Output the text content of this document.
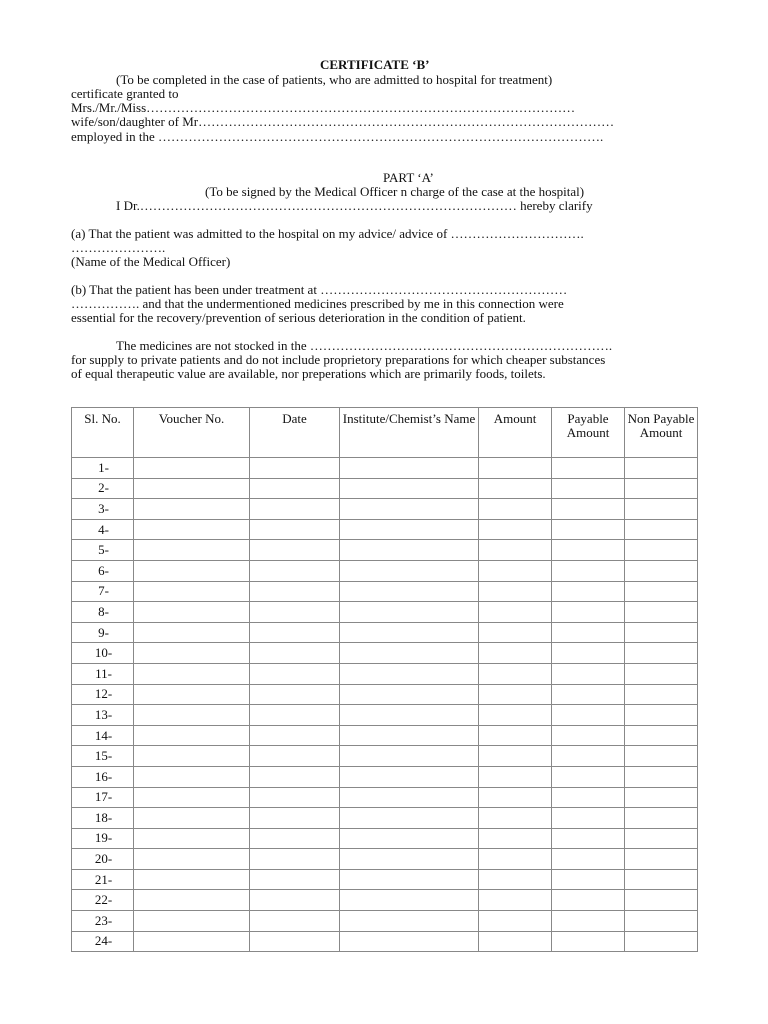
CERTIFICATE ‘B’
(To be completed in the case of patients, who are admitted to hospital for treatment)
certificate granted to
Mrs./Mr./Miss………………………………………………………………………………………
wife/son/daughter of Mr……………………………………………………………………………………
employed in the ………………………………………………………………………………………….
PART ‘A’
(To be signed by the Medical Officer n charge of the case at the hospital)
I Dr.…………………………………………………………………………… hereby clarify
(a) That the patient was admitted to the hospital on my advice/ advice of ………………………….
………………….
(Name of the Medical Officer)
(b) That the patient has been under treatment at …………………………………………………
……………. and that the undermentioned medicines prescribed by me in this connection were
essential for the recovery/prevention of serious deterioration in the condition of patient.
The medicines are not stocked in the …………………………………………………………….
for supply to private patients and do not include proprietory preparations for which cheaper substances
of equal therapeutic value are available, nor preperations which are primarily foods, toilets.
Sl. No.	Voucher No.	Date	Institute/Chemist’s Name	Amount	Payable Amount	Non Payable Amount
1-						
2-						
3-						
4-						
5-						
6-						
7-						
8-						
9-						
10-						
11-						
12-						
13-						
14-						
15-						
16-						
17-						
18-						
19-						
20-						
21-						
22-						
23-						
24-						
